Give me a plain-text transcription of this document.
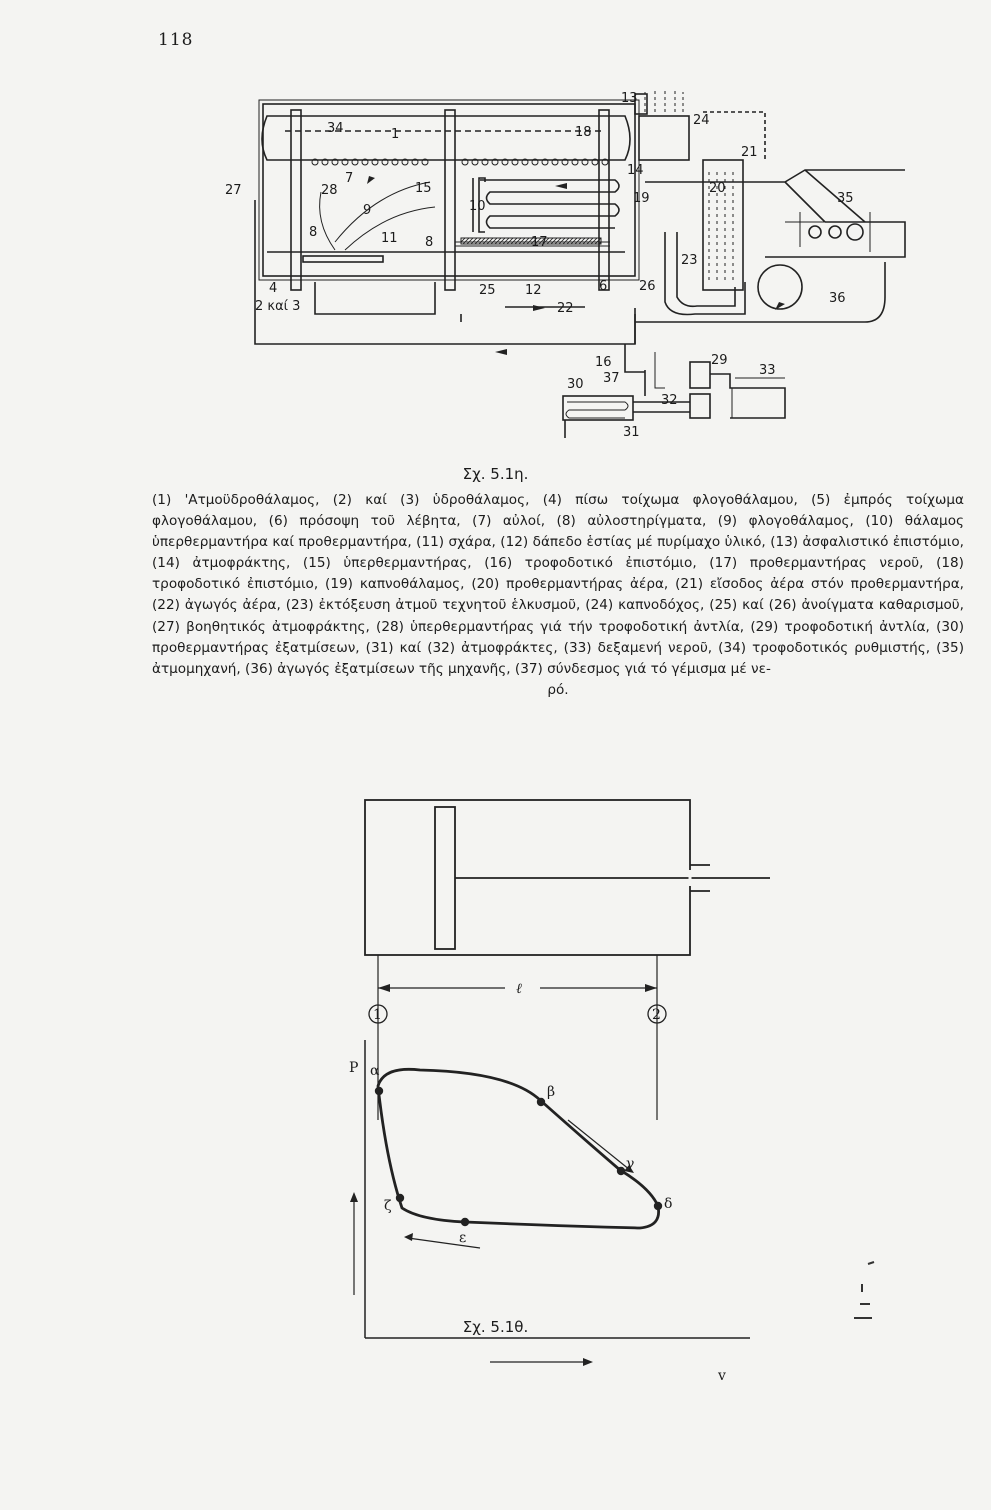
118
13
24
34	1	18
21
27	28
7
15
14
19
20
35
9	10
17
8	11 8
23
4	25 12	6 26
22
36
2 καί 3
16	29
33
30 37
32
31
Σχ. 5.1η.
(1) 'Ατμοϋδροθάλαμος, (2) καί (3) ὑδροθάλαμος, (4) πίσω τοίχωμα φλογοθάλαμου, (5) ἐμπρός τοίχωμα φλογοθάλαμου, (6) πρόσοψη τοῦ λέβητα, (7) αὐλοί, (8) αὐλοστηρίγματα, (9) φλογοθάλαμος, (10) θάλαμος ὑπερθερμαντήρα καί προθερμαντήρα, (11) σχάρα, (12) δάπεδο ἑστίας μέ πυρίμαχο ὑλικό, (13) ἀσφαλιστικό ἐπιστόμιο, (14) ἀτμοφράκτης, (15) ὑπερθερμαντήρας, (16) τροφοδοτικό ἐπιστόμιο, (17) προθερμαντήρας νεροῦ, (18) τροφοδοτικό ἐπιστόμιο, (19) καπνοθάλαμος, (20) προθερμαντήρας ἀέρα, (21) εἴσοδος ἀέρα στόν προθερμαντήρα, (22) ἀγωγός ἀέρα, (23) ἐκτόξευση ἀτμοῦ τεχνητοῦ ἑλκυσμοῦ, (24) καπνοδόχος, (25) καί (26) ἀνοίγματα καθαρισμοῦ, (27) βοηθητικός ἀτμοφράκτης, (28) ὑπερθερμαντήρας γιά τήν τροφοδοτική ἀντλία, (29) τροφοδοτική ἀντλία, (30) προθερμαντήρας ἐξατμίσεων, (31) καί (32) ἀτμοφράκτες, (33) δεξαμενή νεροῦ, (34) τροφοδοτικός ρυθμιστής, (35) ἀτμομηχανή, (36) ἀγωγός ἐξατμίσεων τῆς μηχανῆς, (37) σύνδεσμος γιά τό γέμισμα μέ νε-
ρό.
ℓ
1	2
P
v
α
β
γ
δ
ε
ζ
Σχ. 5.1θ.
